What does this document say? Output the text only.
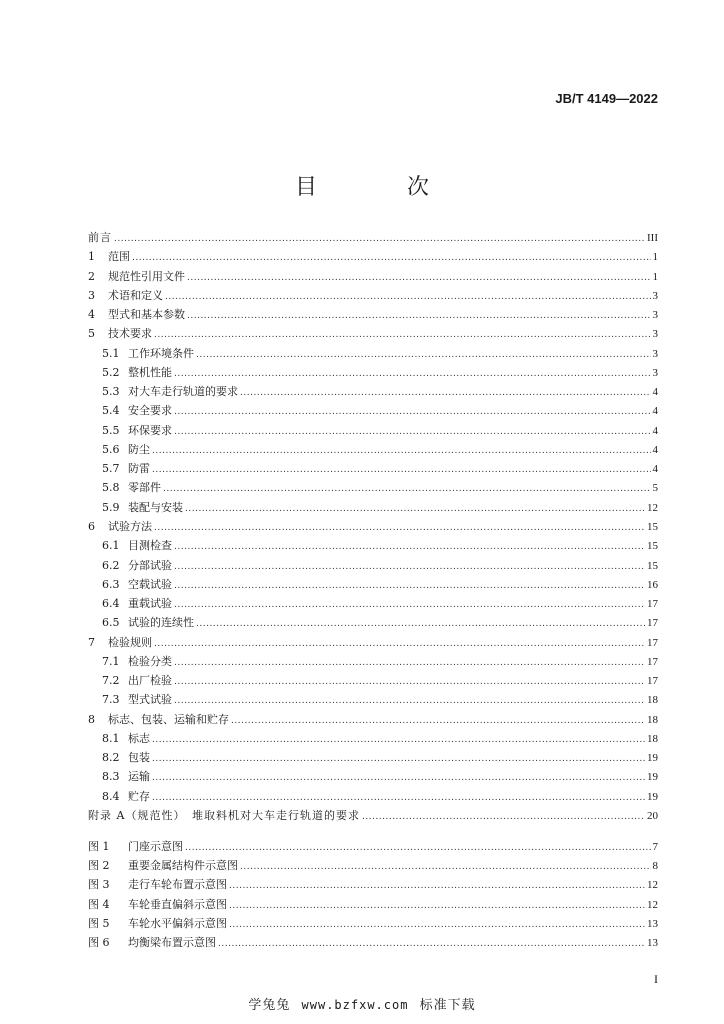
JB/T 4149—2022
目　次
前言 .....	III
1	范围 .....	1
2	规范性引用文件 .....	1
3	术语和定义 .....	3
4	型式和基本参数 .....	3
5	技术要求 .....	3
5.1 工作环境条件 .....	3
5.2 整机性能 .....	3
5.3 对大车走行轨道的要求 .....	4
5.4 安全要求 .....	4
5.5 环保要求 .....	4
5.6 防尘 .....	4
5.7 防雷 .....	4
5.8 零部件 .....	5
5.9 装配与安装 .....	12
6	试验方法 .....	15
6.1 目测检查 .....	15
6.2 分部试验 .....	15
6.3 空载试验 .....	16
6.4 重载试验 .....	17
6.5 试验的连续性 .....	17
7	检验规则 .....	17
7.1 检验分类 .....	17
7.2 出厂检验 .....	17
7.3 型式试验 .....	18
8	标志、包装、运输和贮存 .....	18
8.1 标志 .....	18
8.2 包装 .....	19
8.3 运输 .....	19
8.4 贮存 .....	19
附录 A（规范性）　堆取料机对大车走行轨道的要求 .....	20
图 1	门座示意图 .....	7
图 2	重要金属结构件示意图 .....	8
图 3	走行车轮布置示意图 .....	12
图 4	车轮垂直偏斜示意图 .....	12
图 5	车轮水平偏斜示意图 .....	13
图 6	均衡梁布置示意图 .....	13
I
学兔兔 www.bzfxw.com 标准下载
